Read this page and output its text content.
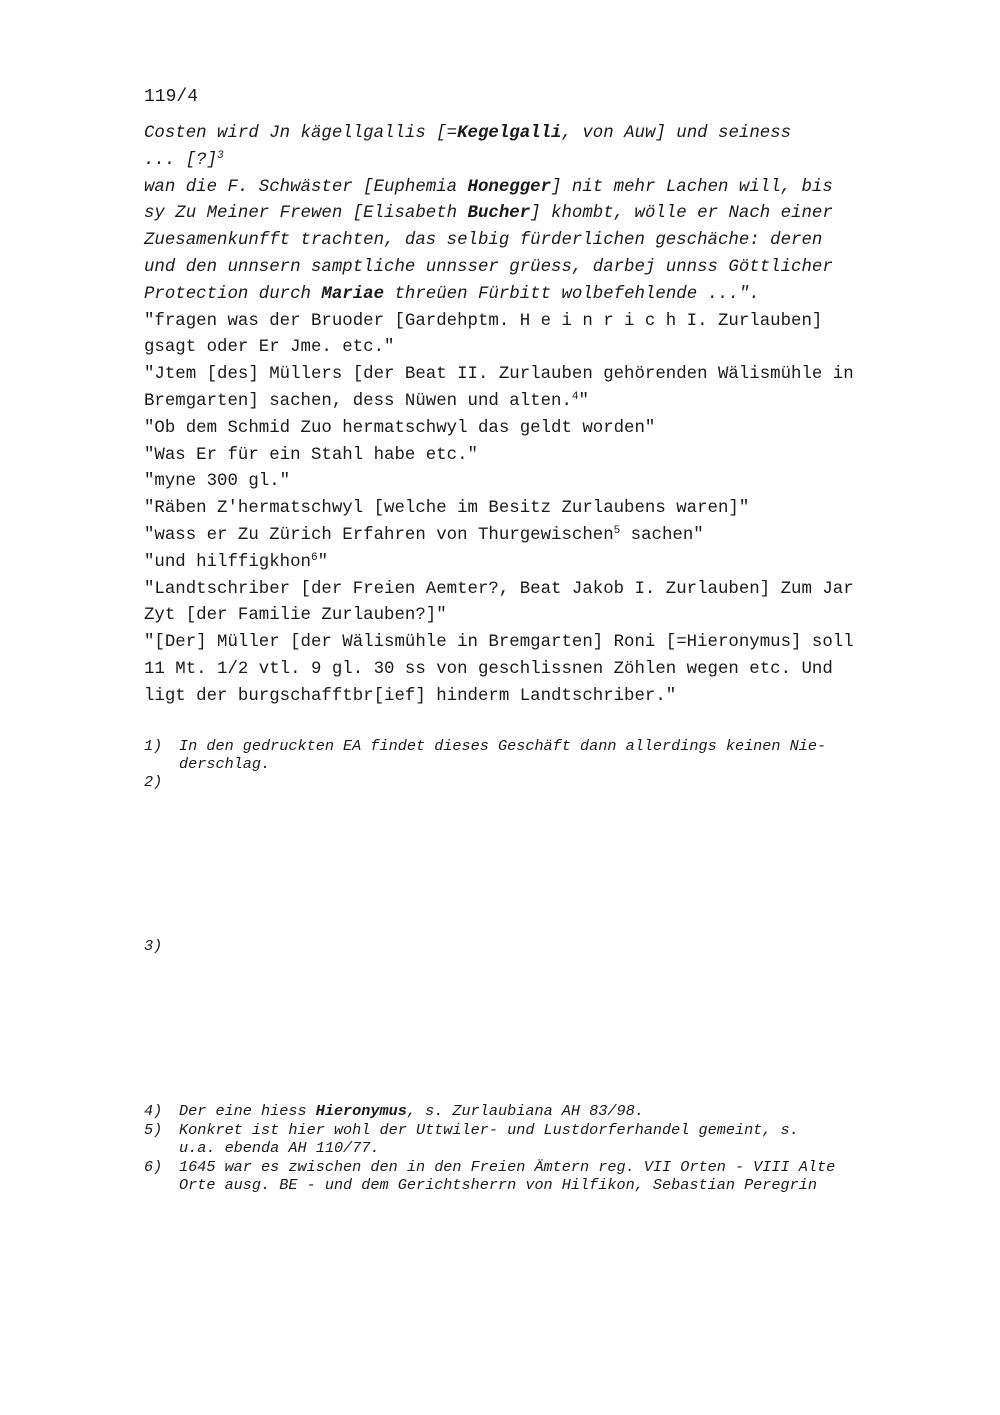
119/4
Costen wird Jn kägellgallis [=Kegelgalli, von Auw] und seiness
... [?]$^3$
wan die F. Schwäster [Euphemia Honegger] nit mehr Lachen will, bis
sy Zu Meiner Frewen [Elisabeth Bucher] khombt, wölle er Nach einer
Zuesamenkunfft trachten, das selbig fürderlichen geschäche: deren
und den unnsern samptliche unnsser grüess, darbej unnss Göttlicher
Protection durch Mariae threüen Fürbitt wolbefehlende ...".
"fragen was der Bruoder [Gardehptm. H e i n r i c h I. Zurlauben]
gsagt oder Er Jme. etc."
"Jtem [des] Müllers [der Beat II. Zurlauben gehörenden Wälismühle in
Bremgarten] sachen, dess Nüwen und alten.$^4$"
"Ob dem Schmid Zuo hermatschwyl das geldt worden"
"Was Er für ein Stahl habe etc."
"myne 300 gl."
"Räben Z'hermatschwyl [welche im Besitz Zurlaubens waren]"
"wass er Zu Zürich Erfahren von Thurgewischen$^5$ sachen"
"und hilffigkhon$^6$"
"Landtschriber [der Freien Aemter?, Beat Jakob I. Zurlauben] Zum Jar
Zyt [der Familie Zurlauben?]"
"[Der] Müller [der Wälismühle in Bremgarten] Roni [=Hieronymus] soll
11 Mt. 1/2 vtl. 9 gl. 30 ss von geschlissnen Zöhlen wegen etc. Und
ligt der burgschafftbr[ief] hinderm Landtschriber."
1) In den gedruckten EA findet dieses Geschäft dann allerdings keinen Nie-
derschlag.
2)
3)
4) Der eine hiess Hieronymus, s. Zurlaubiana AH 83/98.
5) Konkret ist hier wohl der Uttwiler- und Lustdorferhandel gemeint, s.
u.a. ebenda AH 110/77.
6) 1645 war es zwischen den in den Freien Ämtern reg. VII Orten - VIII Alte
Orte ausg. BE - und dem Gerichtsherrn von Hilfikon, Sebastian Peregrin
